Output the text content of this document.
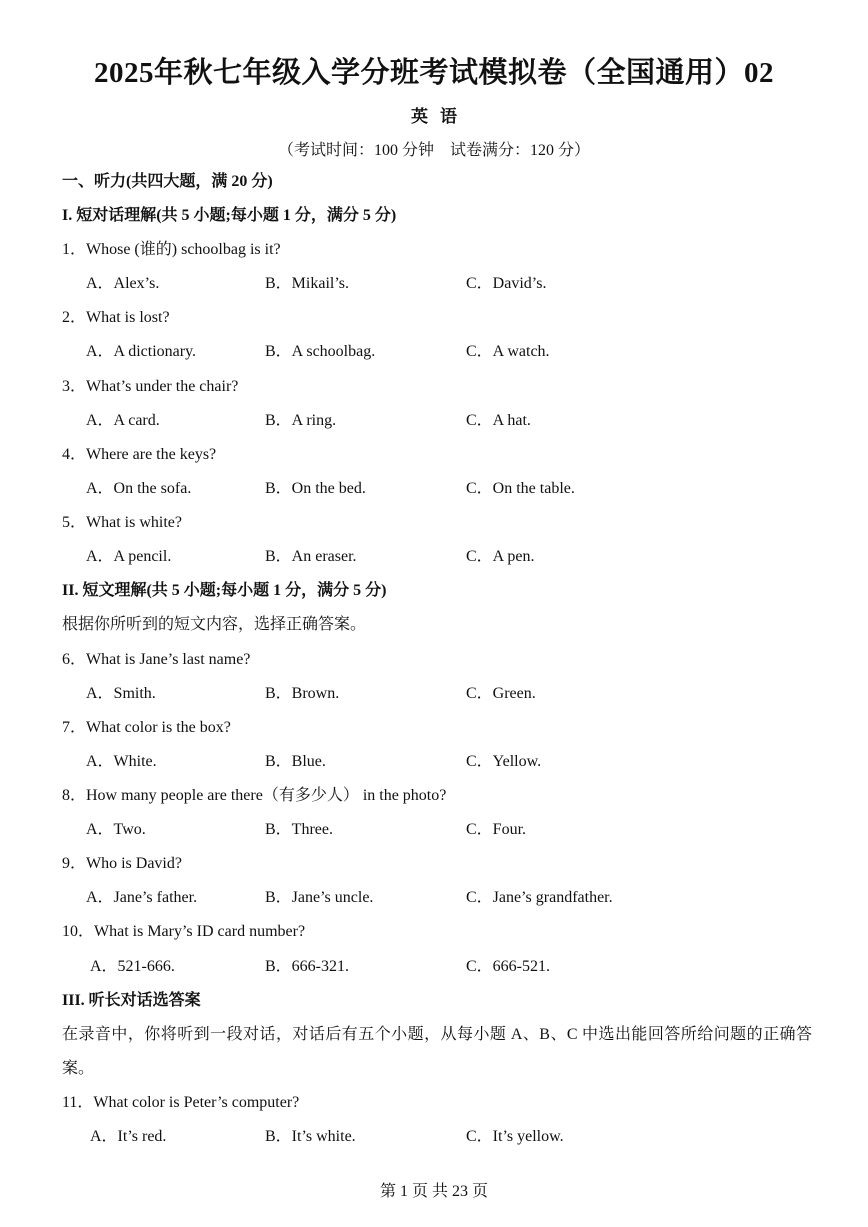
2025年秋七年级入学分班考试模拟卷（全国通用）02
英语
（考试时间：100 分钟 试卷满分：120 分）
一、听力(共四大题，满 20 分)
I. 短对话理解(共 5 小题;每小题 1 分，满分 5 分)
1．Whose (谁的) schoolbag is it?
A．Alex’s.	B．Mikail’s.	C．David’s.
2．What is lost?
A．A dictionary.	B．A schoolbag.	C．A watch.
3．What’s under the chair?
A．A card.	B．A ring.	C．A hat.
4．Where are the keys?
A．On the sofa.	B．On the bed.	C．On the table.
5．What is white?
A．A pencil.	B．An eraser.	C．A pen.
II. 短文理解(共 5 小题;每小题 1 分，满分 5 分)
根据你所听到的短文内容，选择正确答案。
6．What is Jane’s last name?
A．Smith.	B．Brown.	C．Green.
7．What color is the box?
A．White.	B．Blue.	C．Yellow.
8．How many people are there（有多少人） in the photo?
A．Two.	B．Three.	C．Four.
9．Who is David?
A．Jane’s father.	B．Jane’s uncle.	C．Jane’s grandfather.
10．What is Mary’s ID card number?
A．521-666.	B．666-321.	C．666-521.
III. 听长对话选答案
在录音中，你将听到一段对话，对话后有五个小题，从每小题 A、B、C 中选出能回答所给问题的正确答案。
11．What color is Peter’s computer?
A．It’s red.	B．It’s white.	C．It’s yellow.
第 1 页 共 23 页
